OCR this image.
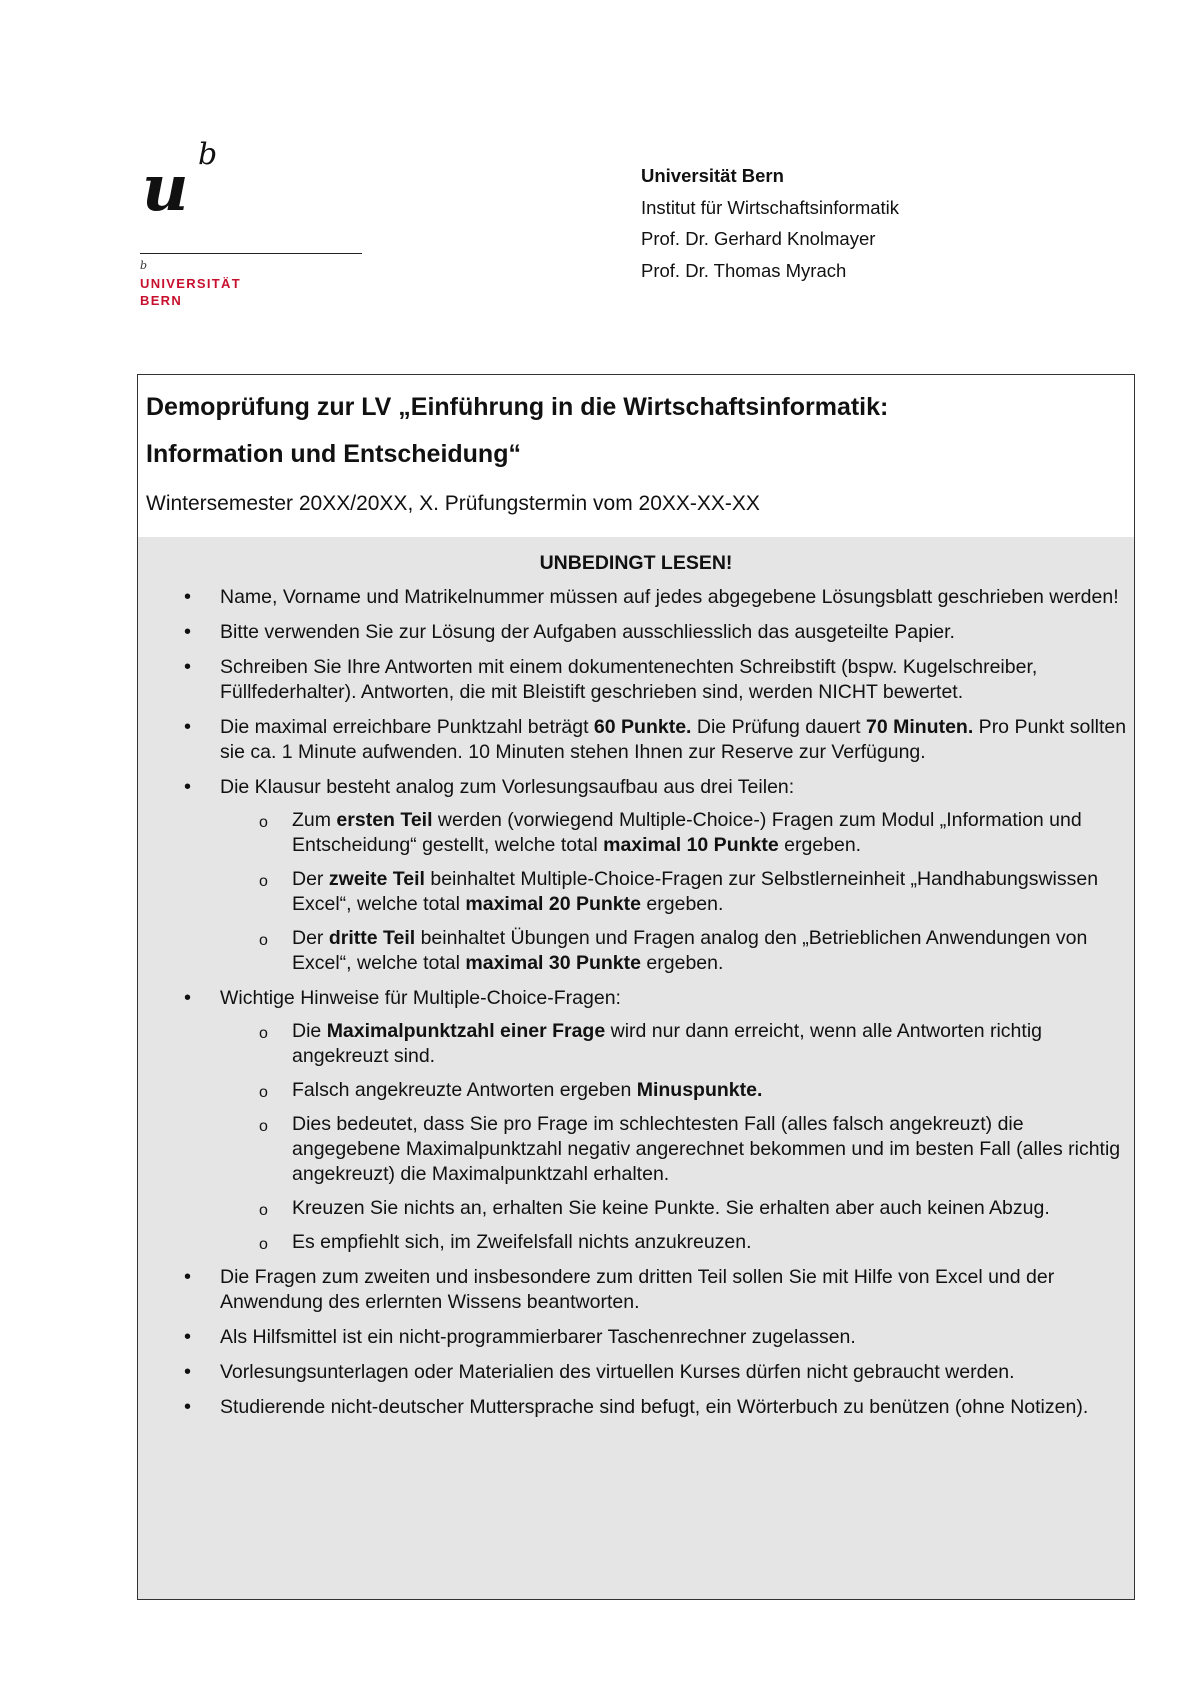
u b
b
UNIVERSITÄT
BERN
Universität Bern
Institut für Wirtschaftsinformatik
Prof. Dr. Gerhard Knolmayer
Prof. Dr. Thomas Myrach
Demoprüfung zur LV „Einführung in die Wirtschaftsinformatik:
Information und Entscheidung“
Wintersemester 20XX/20XX, X. Prüfungstermin vom 20XX-XX-XX
UNBEDINGT LESEN!
• Name, Vorname und Matrikelnummer müssen auf jedes abgegebene Lösungsblatt geschrieben werden!
• Bitte verwenden Sie zur Lösung der Aufgaben ausschliesslich das ausgeteilte Papier.
• Schreiben Sie Ihre Antworten mit einem dokumentenechten Schreibstift (bspw. Kugelschreiber, Füllfederhalter). Antworten, die mit Bleistift geschrieben sind, werden NICHT bewertet.
• Die maximal erreichbare Punktzahl beträgt 60 Punkte. Die Prüfung dauert 70 Minuten. Pro Punkt sollten sie ca. 1 Minute aufwenden. 10 Minuten stehen Ihnen zur Reserve zur Verfügung.
• Die Klausur besteht analog zum Vorlesungsaufbau aus drei Teilen:
o Zum ersten Teil werden (vorwiegend Multiple-Choice-) Fragen zum Modul „Information und Entscheidung“ gestellt, welche total maximal 10 Punkte ergeben.
o Der zweite Teil beinhaltet Multiple-Choice-Fragen zur Selbstlerneinheit „Handhabungswissen Excel“, welche total maximal 20 Punkte ergeben.
o Der dritte Teil beinhaltet Übungen und Fragen analog den „Betrieblichen Anwendungen von Excel“, welche total maximal 30 Punkte ergeben.
• Wichtige Hinweise für Multiple-Choice-Fragen:
o Die Maximalpunktzahl einer Frage wird nur dann erreicht, wenn alle Antworten richtig angekreuzt sind.
o Falsch angekreuzte Antworten ergeben Minuspunkte.
o Dies bedeutet, dass Sie pro Frage im schlechtesten Fall (alles falsch angekreuzt) die angegebene Maximalpunktzahl negativ angerechnet bekommen und im besten Fall (alles richtig angekreuzt) die Maximalpunktzahl erhalten.
o Kreuzen Sie nichts an, erhalten Sie keine Punkte. Sie erhalten aber auch keinen Abzug.
o Es empfiehlt sich, im Zweifelsfall nichts anzukreuzen.
• Die Fragen zum zweiten und insbesondere zum dritten Teil sollen Sie mit Hilfe von Excel und der Anwendung des erlernten Wissens beantworten.
• Als Hilfsmittel ist ein nicht-programmierbarer Taschenrechner zugelassen.
• Vorlesungsunterlagen oder Materialien des virtuellen Kurses dürfen nicht gebraucht werden.
• Studierende nicht-deutscher Muttersprache sind befugt, ein Wörterbuch zu benützen (ohne Notizen).
